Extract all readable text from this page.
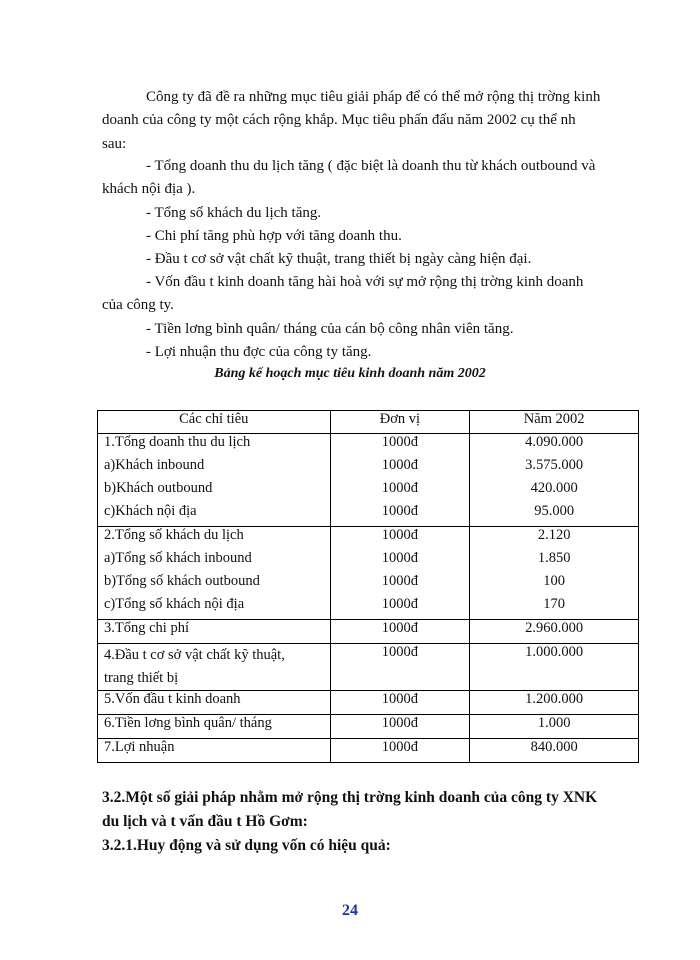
Công ty đã đề ra những mục tiêu giải pháp để có thể mở rộng thị trờng kinh
doanh của công ty một cách rộng khắp. Mục tiêu phấn đấu năm 2002 cụ thể nh
sau:
- Tổng doanh thu du lịch tăng ( đặc biệt là doanh thu từ khách outbound và
khách nội địa ).
- Tổng số khách du lịch tăng.
- Chi phí tăng phù hợp với tăng doanh thu.
- Đầu t cơ sở vật chất kỹ thuật, trang thiết bị ngày càng hiện đại.
- Vốn đầu t kinh doanh tăng hài hoà với sự mở rộng thị trờng kinh doanh
của công ty.
- Tiền lơng bình quân/ tháng của cán bộ công nhân viên tăng.
- Lợi nhuận thu đợc của công ty tăng.
Bảng kế hoạch mục tiêu kinh doanh năm 2002
Các chỉ tiêu	Đơn vị	Năm 2002
1.Tổng doanh thu du lịch	1000đ	4.090.000
a)Khách inbound	1000đ	3.575.000
b)Khách outbound	1000đ	420.000
c)Khách nội địa	1000đ	95.000
2.Tổng số khách du lịch	1000đ	2.120
a)Tổng số khách inbound	1000đ	1.850
b)Tổng số khách outbound	1000đ	100
c)Tổng số khách nội địa	1000đ	170
3.Tổng chi phí	1000đ	2.960.000

4.Đầu t cơ sở vật chất kỹ thuật,
trang thiết bị	1000đ	1.000.000
5.Vốn đầu t kinh doanh	1000đ	1.200.000
6.Tiền lơng bình quân/ tháng	1000đ	1.000
7.Lợi nhuận	1000đ	840.000
3.2.Một số giải pháp nhằm mở rộng thị trờng kinh doanh của công ty XNK
du lịch và t vấn đầu t Hồ Gơm:
3.2.1.Huy động và sử dụng vốn có hiệu quả:
24
